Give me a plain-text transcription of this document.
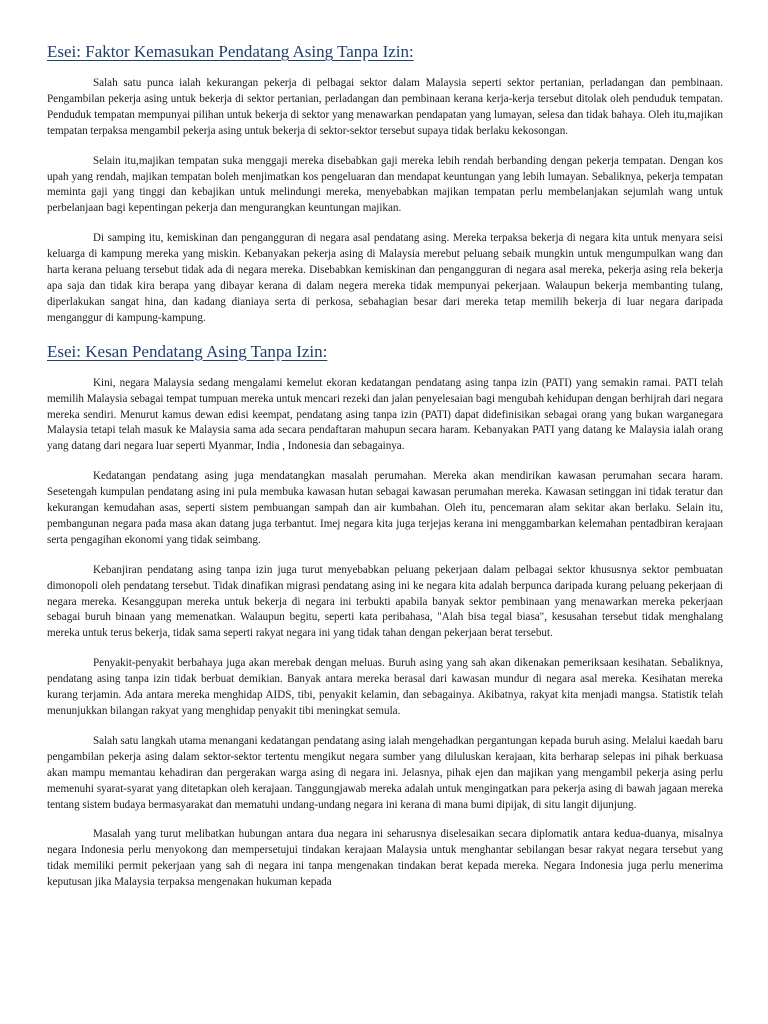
Esei: Faktor Kemasukan Pendatang Asing Tanpa Izin:

Salah satu punca ialah kekurangan pekerja di pelbagai sektor dalam Malaysia seperti sektor pertanian, perladangan dan pembinaan. Pengambilan pekerja asing untuk bekerja di sektor pertanian, perladangan dan pembinaan kerana kerja-kerja tersebut ditolak oleh penduduk tempatan. Penduduk tempatan mempunyai pilihan untuk bekerja di sektor yang menawarkan pendapatan yang lumayan, selesa dan tidak bahaya. Oleh itu,majikan tempatan terpaksa mengambil pekerja asing untuk bekerja di sektor-sektor tersebut supaya tidak berlaku kekosongan.

Selain itu,majikan tempatan suka menggaji mereka disebabkan gaji mereka lebih rendah berbanding dengan pekerja tempatan. Dengan kos upah yang rendah, majikan tempatan boleh menjimatkan kos pengeluaran dan mendapat keuntungan yang lebih lumayan. Sebaliknya, pekerja tempatan meminta gaji yang tinggi dan kebajikan untuk melindungi mereka, menyebabkan majikan tempatan perlu membelanjakan sejumlah wang untuk perbelanjaan bagi kepentingan pekerja dan mengurangkan keuntungan majikan.

Di samping itu, kemiskinan dan pengangguran di negara asal pendatang asing. Mereka terpaksa bekerja di negara kita untuk menyara seisi keluarga di kampung mereka yang miskin. Kebanyakan pekerja asing di Malaysia merebut peluang sebaik mungkin untuk mengumpulkan wang dan harta kerana peluang tersebut tidak ada di negara mereka. Disebabkan kemiskinan dan pengangguran di negara asal mereka, pekerja asing rela bekerja apa saja dan tidak kira berapa yang dibayar kerana di dalam negera mereka tidak mempunyai pekerjaan. Walaupun bekerja membanting tulang, diperlakukan sangat hina, dan kadang dianiaya serta di perkosa, sebahagian besar dari mereka tetap memilih bekerja di luar negara daripada menganggur di kampung-kampung.

Esei: Kesan Pendatang Asing Tanpa Izin:

Kini, negara Malaysia sedang mengalami kemelut ekoran kedatangan pendatang asing tanpa izin (PATI) yang semakin ramai. PATI telah memilih Malaysia sebagai tempat tumpuan mereka untuk mencari rezeki dan jalan penyelesaian bagi mengubah kehidupan dengan berhijrah dari negara mereka sendiri. Menurut kamus dewan edisi keempat, pendatang asing tanpa izin (PATI) dapat didefinisikan sebagai orang yang bukan warganegara Malaysia tetapi telah masuk ke Malaysia sama ada secara pendaftaran mahupun secara haram. Kebanyakan PATI yang datang ke Malaysia ialah orang yang datang dari negara luar seperti Myanmar, India , Indonesia dan sebagainya.

Kedatangan pendatang asing juga mendatangkan masalah perumahan. Mereka akan mendirikan kawasan perumahan secara haram. Sesetengah kumpulan pendatang asing ini pula membuka kawasan hutan sebagai kawasan perumahan mereka. Kawasan setinggan ini tidak teratur dan kekurangan kemudahan asas, seperti sistem pembuangan sampah dan air kumbahan. Oleh itu, pencemaran alam sekitar akan berlaku. Selain itu, pembangunan negara pada masa akan datang juga terbantut. Imej negara kita juga terjejas kerana ini menggambarkan kelemahan pentadbiran kerajaan serta pengagihan ekonomi yang tidak seimbang.

Kebanjiran pendatang asing tanpa izin juga turut menyebabkan peluang pekerjaan dalam pelbagai sektor khususnya sektor pembuatan dimonopoli oleh pendatang tersebut. Tidak dinafikan migrasi pendatang asing ini ke negara kita adalah berpunca daripada kurang peluang pekerjaan di negara mereka. Kesanggupan mereka untuk bekerja di negara ini terbukti apabila banyak sektor pembinaan yang menawarkan mereka pekerjaan sebagai buruh binaan yang memenatkan. Walaupun begitu, seperti kata peribahasa, "Alah bisa tegal biasa", kesusahan tersebut tidak menghalang mereka untuk terus bekerja, tidak sama seperti rakyat negara ini yang tidak tahan dengan pekerjaan berat tersebut.

Penyakit-penyakit berbahaya juga akan merebak dengan meluas. Buruh asing yang sah akan dikenakan pemeriksaan kesihatan. Sebaliknya, pendatang asing tanpa izin tidak berbuat demikian. Banyak antara mereka berasal dari kawasan mundur di negara asal mereka. Kesihatan mereka kurang terjamin. Ada antara mereka menghidap AIDS, tibi, penyakit kelamin, dan sebagainya. Akibatnya, rakyat kita menjadi mangsa. Statistik telah menunjukkan bilangan rakyat yang menghidap penyakit tibi meningkat semula.

Salah satu langkah utama menangani kedatangan pendatang asing ialah mengehadkan pergantungan kepada buruh asing. Melalui kaedah baru pengambilan pekerja asing dalam sektor-sektor tertentu mengikut negara sumber yang diluluskan kerajaan, kita berharap selepas ini pihak berkuasa akan mampu memantau kehadiran dan pergerakan warga asing di negara ini. Jelasnya, pihak ejen dan majikan yang mengambil pekerja asing perlu memenuhi syarat-syarat yang ditetapkan oleh kerajaan. Tanggungjawab mereka adalah untuk mengingatkan para pekerja asing di bawah jagaan mereka tentang sistem budaya bermasyarakat dan mematuhi undang-undang negara ini kerana di mana bumi dipijak, di situ langit dijunjung.

Masalah yang turut melibatkan hubungan antara dua negara ini seharusnya diselesaikan secara diplomatik antara kedua-duanya, misalnya negara Indonesia perlu menyokong dan mempersetujui tindakan kerajaan Malaysia untuk menghantar sebilangan besar rakyat negara tersebut yang tidak memiliki permit pekerjaan yang sah di negara ini tanpa mengenakan tindakan berat kepada mereka. Negara Indonesia juga perlu menerima keputusan jika Malaysia terpaksa mengenakan hukuman kepada
